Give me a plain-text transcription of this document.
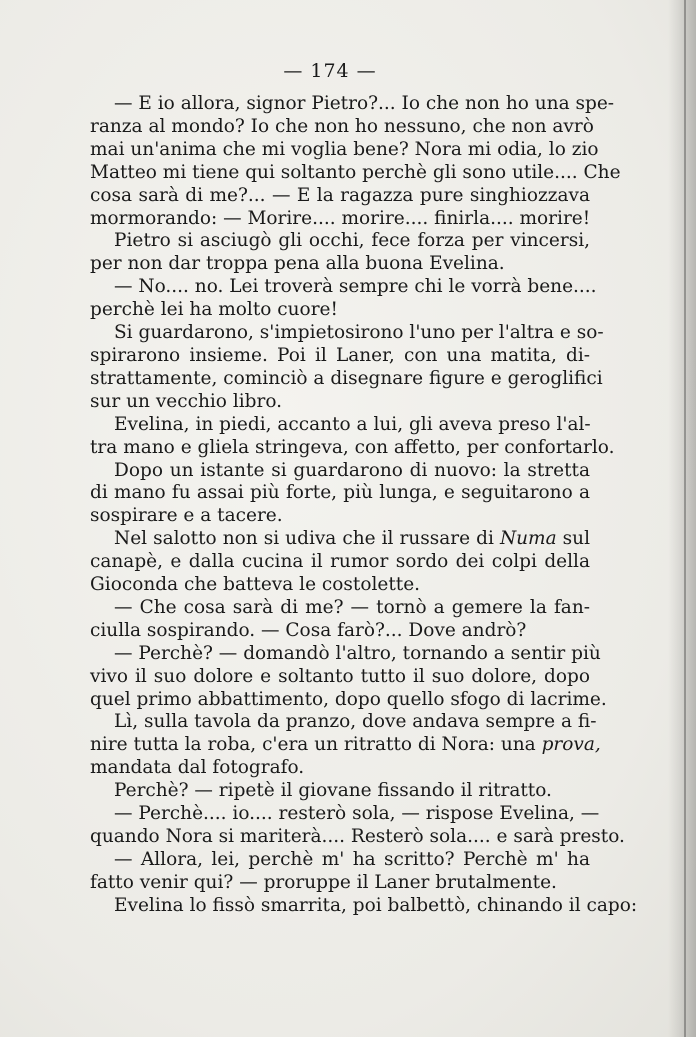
— 174 —
— E io allora, signor Pietro?... Io che non ho una spe-
ranza al mondo? Io che non ho nessuno, che non avrò
mai un'anima che mi voglia bene? Nora mi odia, lo zio
Matteo mi tiene qui soltanto perchè gli sono utile.... Che
cosa sarà di me?... — E la ragazza pure singhiozzava
mormorando: — Morire.... morire.... finirla.... morire!
Pietro si asciugò gli occhi, fece forza per vincersi,
per non dar troppa pena alla buona Evelina.
— No.... no. Lei troverà sempre chi le vorrà bene....
perchè lei ha molto cuore!
Si guardarono, s'impietosirono l'uno per l'altra e so-
spirarono insieme. Poi il Laner, con una matita, di-
strattamente, cominciò a disegnare figure e geroglifici
sur un vecchio libro.
Evelina, in piedi, accanto a lui, gli aveva preso l'al-
tra mano e gliela stringeva, con affetto, per confortarlo.
Dopo un istante si guardarono di nuovo: la stretta
di mano fu assai più forte, più lunga, e seguitarono a
sospirare e a tacere.
Nel salotto non si udiva che il russare di Numa sul
canapè, e dalla cucina il rumor sordo dei colpi della
Gioconda che batteva le costolette.
— Che cosa sarà di me? — tornò a gemere la fan-
ciulla sospirando. — Cosa farò?... Dove andrò?
— Perchè? — domandò l'altro, tornando a sentir più
vivo il suo dolore e soltanto tutto il suo dolore, dopo
quel primo abbattimento, dopo quello sfogo di lacrime.
Lì, sulla tavola da pranzo, dove andava sempre a fi-
nire tutta la roba, c'era un ritratto di Nora: una prova,
mandata dal fotografo.
Perchè? — ripetè il giovane fissando il ritratto.
— Perchè.... io.... resterò sola, — rispose Evelina, —
quando Nora si mariterà.... Resterò sola.... e sarà presto.
— Allora, lei, perchè m' ha scritto? Perchè m' ha
fatto venir qui? — proruppe il Laner brutalmente.
Evelina lo fissò smarrita, poi balbettò, chinando il capo:
